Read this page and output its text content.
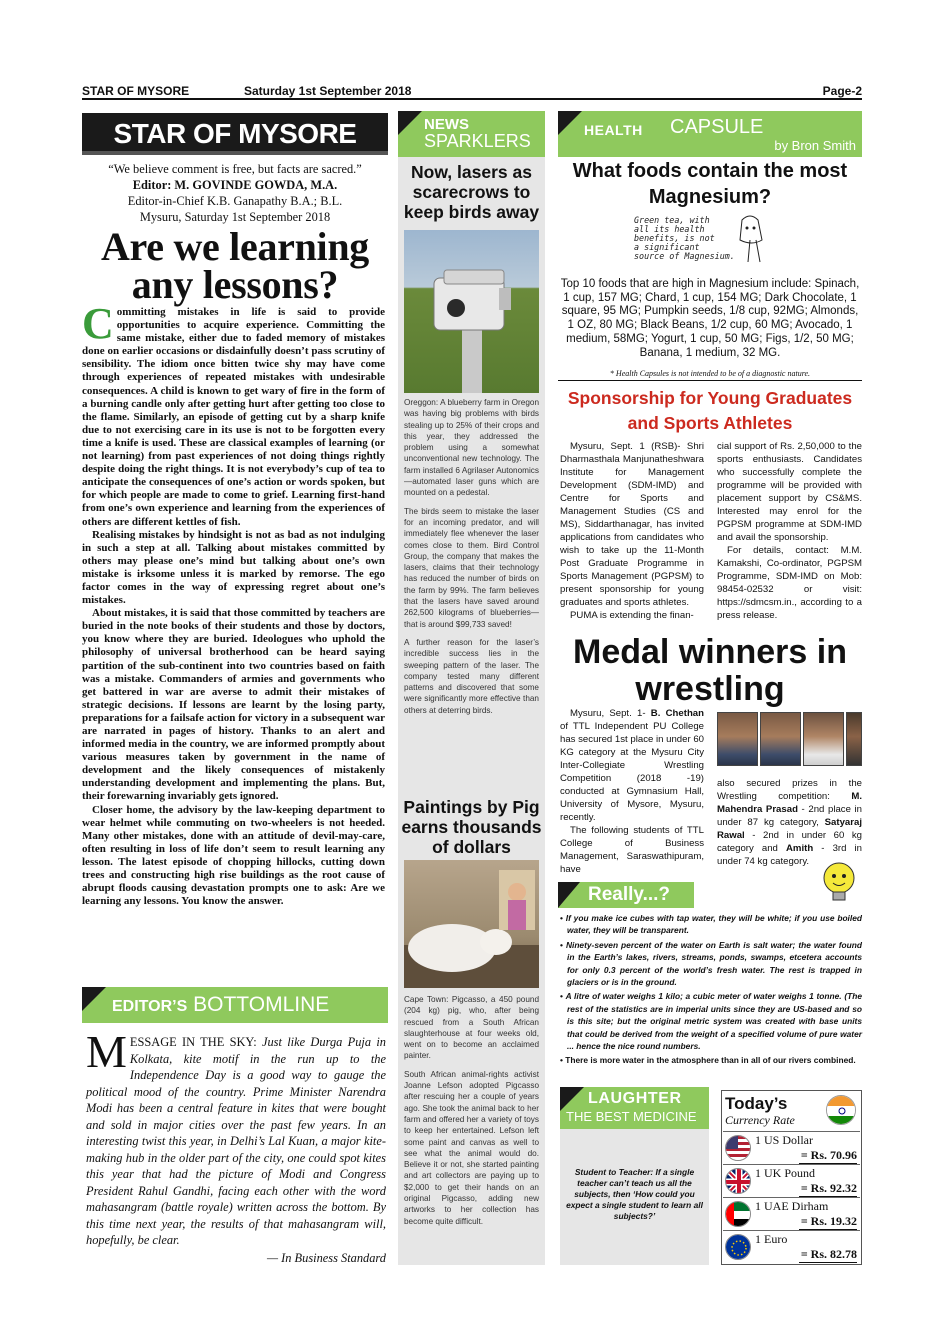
STAR OF MYSORE	Saturday 1st September 2018	Page-2
STAR OF MYSORE
“We believe comment is free, but facts are sacred.”
Editor: M. GOVINDE GOWDA, M.A.
Editor-in-Chief K.B. Ganapathy B.A.; B.L.
Mysuru, Saturday 1st September 2018
Are we learning any lessons?

Committing mistakes in life is said to provide opportunities to acquire experience. Committing the same mistake, either due to faded memory of mistakes done on earlier occasions or disdainfully doesn’t pass scrutiny of sensibility. The idiom once bitten twice shy may have come through experiences of repeated mistakes with undesirable consequences. A child is known to get wary of fire in the form of a burning candle only after getting hurt after getting too close to the flame. Similarly, an episode of getting cut by a sharp knife due to not exercising care in its use is not to be forgotten every time a knife is used. These are classical examples of learning (or not learning) from past experiences of not doing things rightly despite doing the right things. It is not everybody’s cup of tea to anticipate the consequences of one’s action or words spoken, but for which people are made to come to grief. Learning first-hand from one’s own experience and learning from the experiences of others are different kettles of fish.

Realising mistakes by hindsight is not as bad as not indulging in such a step at all. Talking about mistakes committed by others may please one’s mind but talking about one’s own mistake is irksome unless it is marked by remorse. The ego factor comes in the way of expressing regret about one’s mistakes.

About mistakes, it is said that those committed by teachers are buried in the note books of their students and those by doctors, you know where they are buried. Ideologues who uphold the philosophy of universal brotherhood can be heard saying partition of the sub-continent into two countries based on faith was a mistake. Commanders of armies and governments who get battered in war are averse to admit their mistakes of strategic decisions. If lessons are learnt by the losing party, preparations for a failsafe action for victory in a subsequent war are narrated in pages of history. Thanks to an alert and informed media in the country, we are informed promptly about various measures taken by government in the name of development and the likely consequences of mistakenly understanding development and implementing the plans. But, their forewarning invariably gets ignored.

Closer home, the advisory by the law-keeping department to wear helmet while commuting on two-wheelers is not heeded. Many other mistakes, done with an attitude of devil-may-care, often resulting in loss of life don’t seem to result learning any lesson. The latest episode of chopping hillocks, cutting down trees and constructing high rise buildings as the root cause of abrupt floods causing devastation prompts one to ask: Are we learning any lessons. You know the answer.

EDITOR’S BOTTOMLINE
MESSAGE IN THE SKY: Just like Durga Puja in Kolkata, kite motif in the run up to the Independence Day is a good way to gauge the political mood of the country. Prime Minister Narendra Modi has been a central feature in kites that were bought and sold in major cities over the past few years. In an interesting twist this year, in Delhi’s Lal Kuan, a major kite-making hub in the older part of the city, one could spot kites this year that had the picture of Modi and Congress President Rahul Gandhi, facing each other with the word mahasangram (battle royale) written across the bottom. By this time next year, the results of that mahasangram will, hopefully, be clear.
— In Business Standard
NEWS
SPARKLERS
Now, lasers as scarecrows to keep birds away

Oreggon: A blueberry farm in Oregon was having big problems with birds stealing up to 25% of their crops and this year, they addressed the problem using a somewhat unconventional new technology. The farm installed 6 Agrilaser Autonomics—automated laser guns which are mounted on a pedestal.

The birds seem to mistake the laser for an incoming predator, and will immediately flee whenever the laser comes close to them. Bird Control Group, the company that makes the lasers, claims that their technology has reduced the number of birds on the farm by 99%. The farm believes that the lasers have saved around 262,500 kilograms of blueberries—that is around $99,733 saved!

A further reason for the laser’s incredible success lies in the sweeping pattern of the laser. The company tested many different patterns and discovered that some were significantly more effective than others at deterring birds.

Paintings by Pig earns thousands of dollars

Cape Town: Pigcasso, a 450 pound (204 kg) pig, who, after being rescued from a South African slaughterhouse at four weeks old, went on to become an acclaimed painter.

South African animal-rights activist Joanne Lefson adopted Pigcasso after rescuing her a couple of years ago. She took the animal back to her farm and offered her a variety of toys to keep her entertained. Lefson left some paint and canvas as well to see what the animal would do. Believe it or not, she started painting and art collectors are paying up to $2,000 to get their hands on an original Pigcasso, adding new artworks to her collection has become quite difficult.

HEALTH CAPSULE
by Bron Smith
What foods contain the most Magnesium?
Green tea, with all its health benefits, is not a significant source of Magnesium.
Top 10 foods that are high in Magnesium include: Spinach, 1 cup, 157 MG; Chard, 1 cup, 154 MG; Dark Chocolate, 1 square, 95 MG; Pumpkin seeds, 1/8 cup, 92MG; Almonds, 1 OZ, 80 MG; Black Beans, 1/2 cup, 60 MG; Avocado, 1 medium, 58MG; Yogurt, 1 cup, 50 MG; Figs, 1/2, 50 MG; Banana, 1 medium, 32 MG.
* Health Capsules is not intended to be of a diagnostic nature.
Sponsorship for Young Graduates and Sports Athletes

Mysuru, Sept. 1 (RSB)- Shri Dharmasthala Manjunatheshwara Institute for Management Development (SDM-IMD) and Centre for Sports and Management Studies (CS and MS), Siddarthanagar, has invited applications from candidates who wish to take up the 11-Month Post Graduate Programme in Sports Management (PGPSM) to present sponsorship for young graduates and sports athletes.

PUMA is extending the finan-

cial support of Rs. 2,50,000 to the sports enthusiasts. Candidates who successfully complete the programme will be provided with placement support by CS&MS. Interested may enrol for the PGPSM programme at SDM-IMD and avail the sponsorship.

For details, contact: M.M. Kamakshi, Co-ordinator, PGPSM Programme, SDM-IMD on Mob: 98454-02532 or visit: https://sdmcsm.in., according to a press release.

Medal winners in wrestling

Mysuru, Sept. 1- B. Chethan of TTL Independent PU College has secured 1st place in under 60 KG category at the Mysuru City Inter-Collegiate Wrestling Competition (2018 -19) conducted at Gymnasium Hall, University of Mysore, Mysuru, recently.

The following students of TTL College of Business Management, Saraswathipuram, have

also secured prizes in the Wrestling competition: M. Mahendra Prasad - 2nd place in under 87 kg category, Satyaraj Rawal - 2nd in under 60 kg category and Amith - 3rd in under 74 kg category.

Really...?
• If you make ice cubes with tap water, they will be white; if you use boiled water, they will be transparent.
• Ninety-seven percent of the water on Earth is salt water; the water found in the Earth’s lakes, rivers, streams, ponds, swamps, etcetera accounts for only 0.3 percent of the world’s fresh water. The rest is trapped in glaciers or is in the ground.
• A litre of water weighs 1 kilo; a cubic meter of water weighs 1 tonne. (The rest of the statistics are in imperial units since they are US-based and so is this site; but the original metric system was created with base units that could be derived from the weight of a specified volume of pure water ... hence the nice round numbers.
• There is more water in the atmosphere than in all of our rivers combined.
LAUGHTER
THE BEST MEDICINE
Student to Teacher: If a single teacher can’t teach us all the subjects, then ‘How could you expect a single student to learn all subjects?’
Today’s
Currency Rate
1 US Dollar
= Rs. 70.96
1 UK Pound
= Rs. 92.32
1 UAE Dirham
= Rs. 19.32
1 Euro
= Rs. 82.78
